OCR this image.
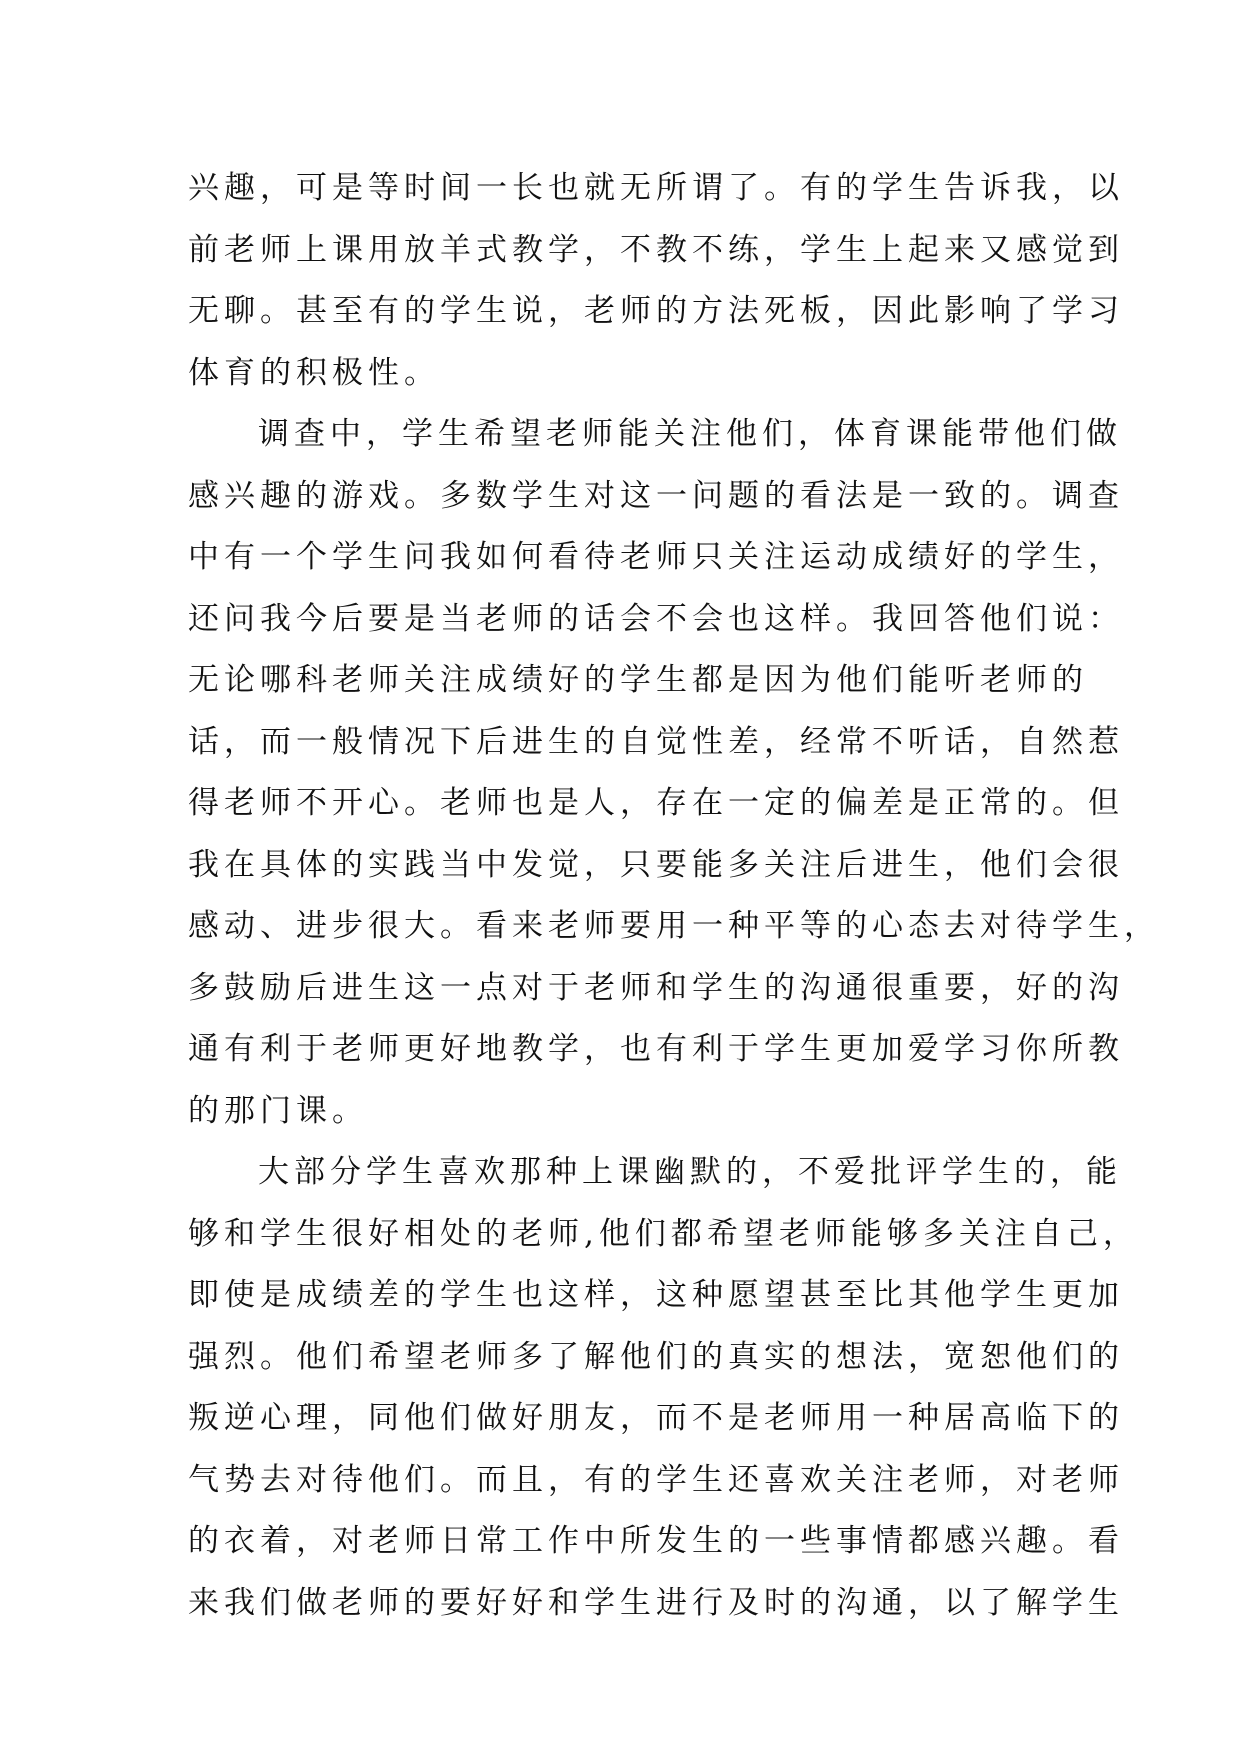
兴趣，可是等时间一长也就无所谓了。有的学生告诉我，以
前老师上课用放羊式教学，不教不练，学生上起来又感觉到
无聊。甚至有的学生说，老师的方法死板，因此影响了学习
体育的积极性。
调查中，学生希望老师能关注他们，体育课能带他们做
感兴趣的游戏。多数学生对这一问题的看法是一致的。调查
中有一个学生问我如何看待老师只关注运动成绩好的学生，
还问我今后要是当老师的话会不会也这样。我回答他们说：
无论哪科老师关注成绩好的学生都是因为他们能听老师的
话，而一般情况下后进生的自觉性差，经常不听话，自然惹
得老师不开心。老师也是人，存在一定的偏差是正常的。但
我在具体的实践当中发觉，只要能多关注后进生，他们会很
感动、进步很大。看来老师要用一种平等的心态去对待学生，
多鼓励后进生这一点对于老师和学生的沟通很重要，好的沟
通有利于老师更好地教学，也有利于学生更加爱学习你所教
的那门课。
大部分学生喜欢那种上课幽默的，不爱批评学生的，能
够和学生很好相处的老师,他们都希望老师能够多关注自己，
即使是成绩差的学生也这样，这种愿望甚至比其他学生更加
强烈。他们希望老师多了解他们的真实的想法，宽恕他们的
叛逆心理，同他们做好朋友，而不是老师用一种居高临下的
气势去对待他们。而且，有的学生还喜欢关注老师，对老师
的衣着，对老师日常工作中所发生的一些事情都感兴趣。看
来我们做老师的要好好和学生进行及时的沟通，以了解学生
